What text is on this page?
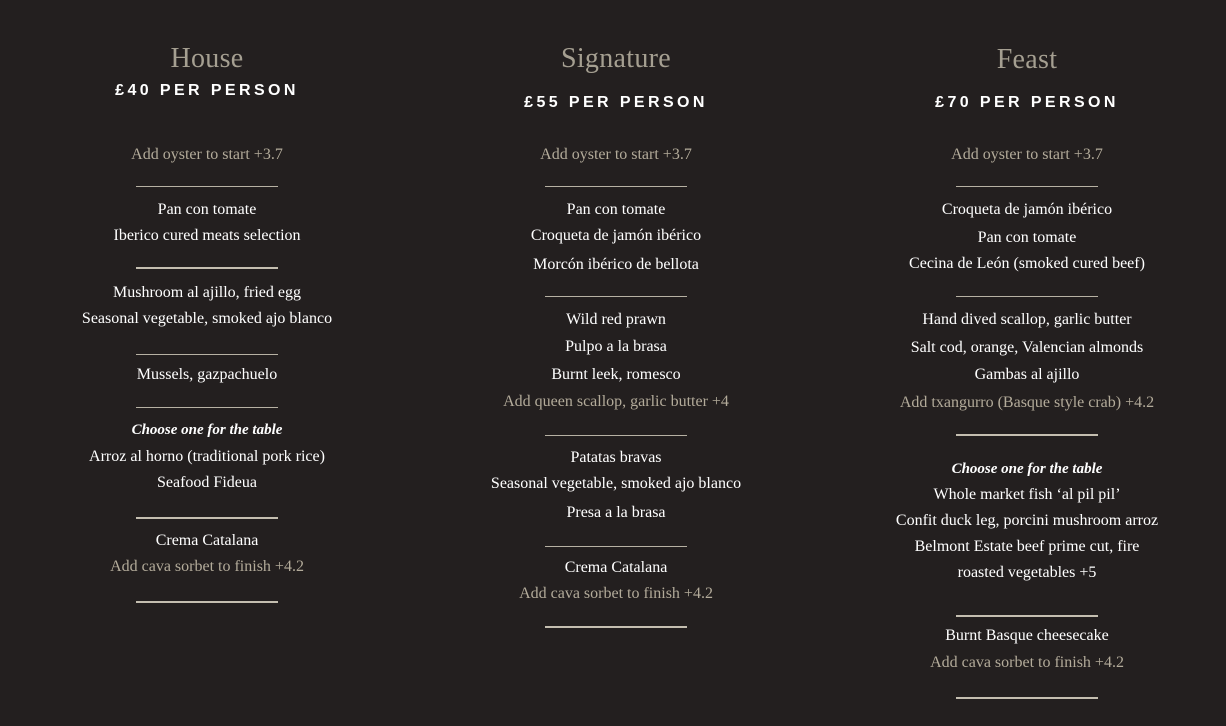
House
£40 PER PERSON
Add oyster to start +3.7
Pan con tomate
Iberico cured meats selection
Mushroom al ajillo, fried egg
Seasonal vegetable, smoked ajo blanco
Mussels, gazpachuelo
Choose one for the table
Arroz al horno (traditional pork rice)
Seafood Fideua
Crema Catalana
Add cava sorbet to finish +4.2
Signature
£55 PER PERSON
Add oyster to start +3.7
Pan con tomate
Croqueta de jamón ibérico
Morcón ibérico de bellota
Wild red prawn
Pulpo a la brasa
Burnt leek, romesco
Add queen scallop, garlic butter +4
Patatas bravas
Seasonal vegetable, smoked ajo blanco
Presa a la brasa
Crema Catalana
Add cava sorbet to finish +4.2
Feast
£70 PER PERSON
Add oyster to start +3.7
Croqueta de jamón ibérico
Pan con tomate
Cecina de León (smoked cured beef)
Hand dived scallop, garlic butter
Salt cod, orange, Valencian almonds
Gambas al ajillo
Add txangurro (Basque style crab) +4.2
Choose one for the table
Whole market fish ‘al pil pil’
Confit duck leg, porcini mushroom arroz
Belmont Estate beef prime cut, fire
roasted vegetables +5
Burnt Basque cheesecake
Add cava sorbet to finish +4.2
